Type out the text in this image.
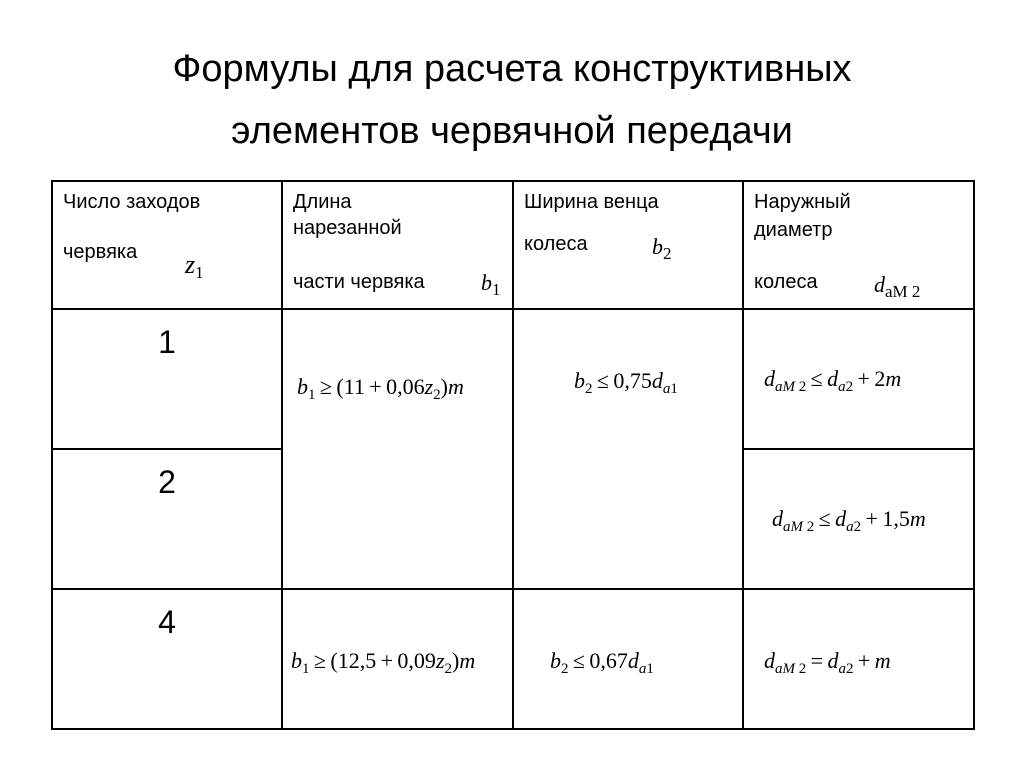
Формулы для расчета конструктивных
элементов червячной передачи
Число заходов
червяка $z_1$	Длина
нарезанной
части червяка $b_1$	Ширина венца
колеса $b_2$	Наружный
диаметр
колеса $d_{aM 2}$

1	$b_1 \ge (11 + 0,06z_2)m$	$b_2 \le 0,75d_{a1}$	$d_{aM 2} \le d_{a2} + 2m$

2			$d_{aM 2} \le d_{a2} + 1,5m$

4	$b_1 \ge (12,5 + 0,09z_2)m$	$b_2 \le 0,67d_{a1}$	$d_{aM 2} = d_{a2} + m$
